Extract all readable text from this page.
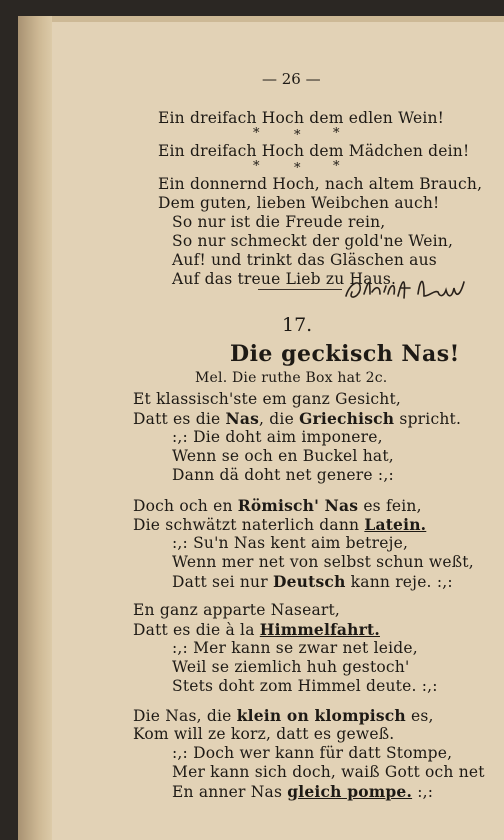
— 26 —
Ein dreifach Hoch dem edlen Wein!
*	*	*
Ein dreifach Hoch dem Mädchen dein!
*	*	*
Ein donnernd Hoch, nach altem Brauch,
Dem guten, lieben Weibchen auch!
So nur ist die Freude rein,
So nur schmeckt der gold'ne Wein,
Auf! und trinkt das Gläschen aus
Auf das treue Lieb zu Haus.
17.
Die geckisch Nas!
Mel. Die ruthe Box hat 2c.
Et klassisch'ste em ganz Gesicht,
Datt es die Nas, die Griechisch spricht.
:,: Die doht aim imponere,
Wenn se och en Buckel hat,
Dann dä doht net genere :,:
Doch och en Römisch' Nas es fein,
Die schwätzt naterlich dann Latein.
:,: Su'n Nas kent aim betreje,
Wenn mer net von selbst schun weßt,
Datt sei nur Deutsch kann reje. :,:
En ganz apparte Naseart,
Datt es die à la Himmelfahrt.
:,: Mer kann se zwar net leide,
Weil se ziemlich huh gestoch'
Stets doht zom Himmel deute. :,:
Die Nas, die klein on klompisch es,
Kom will ze korz, datt es geweß.
:,: Doch wer kann für datt Stompe,
Mer kann sich doch, waiß Gott och net
En anner Nas gleich pompe. :,:
